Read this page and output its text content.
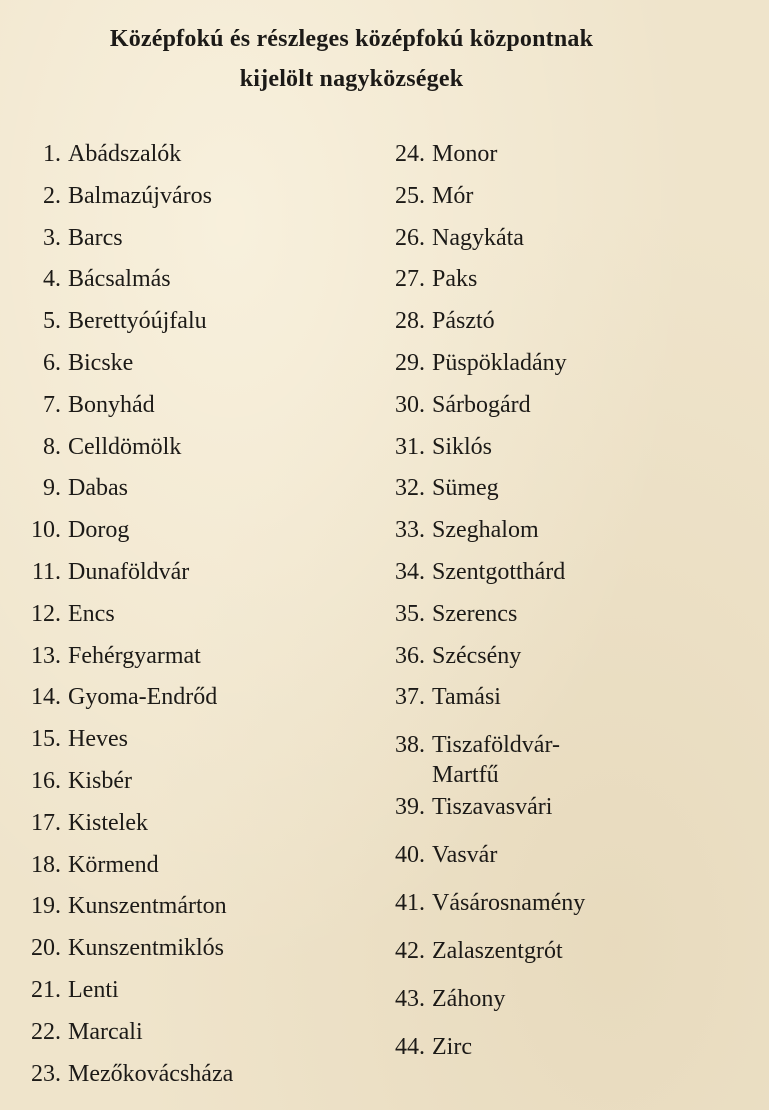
Középfokú és részleges középfokú központnak
kijelölt nagyközségek
1. Abádszalók
2. Balmazújváros
3. Barcs
4. Bácsalmás
5. Berettyóújfalu
6. Bicske
7. Bonyhád
8. Celldömölk
9. Dabas
10. Dorog
11. Dunaföldvár
12. Encs
13. Fehérgyarmat
14. Gyoma-Endrőd
15. Heves
16. Kisbér
17. Kistelek
18. Körmend
19. Kunszentmárton
20. Kunszentmiklós
21. Lenti
22. Marcali
23. Mezőkovácsháza
24. Monor
25. Mór
26. Nagykáta
27. Paks
28. Pásztó
29. Püspökladány
30. Sárbogárd
31. Siklós
32. Sümeg
33. Szeghalom
34. Szentgotthárd
35. Szerencs
36. Szécsény
37. Tamási
38. Tiszaföldvár-
Martfű
39. Tiszavasvári
40. Vasvár
41. Vásárosnamény
42. Zalaszentgrót
43. Záhony
44. Zirc
